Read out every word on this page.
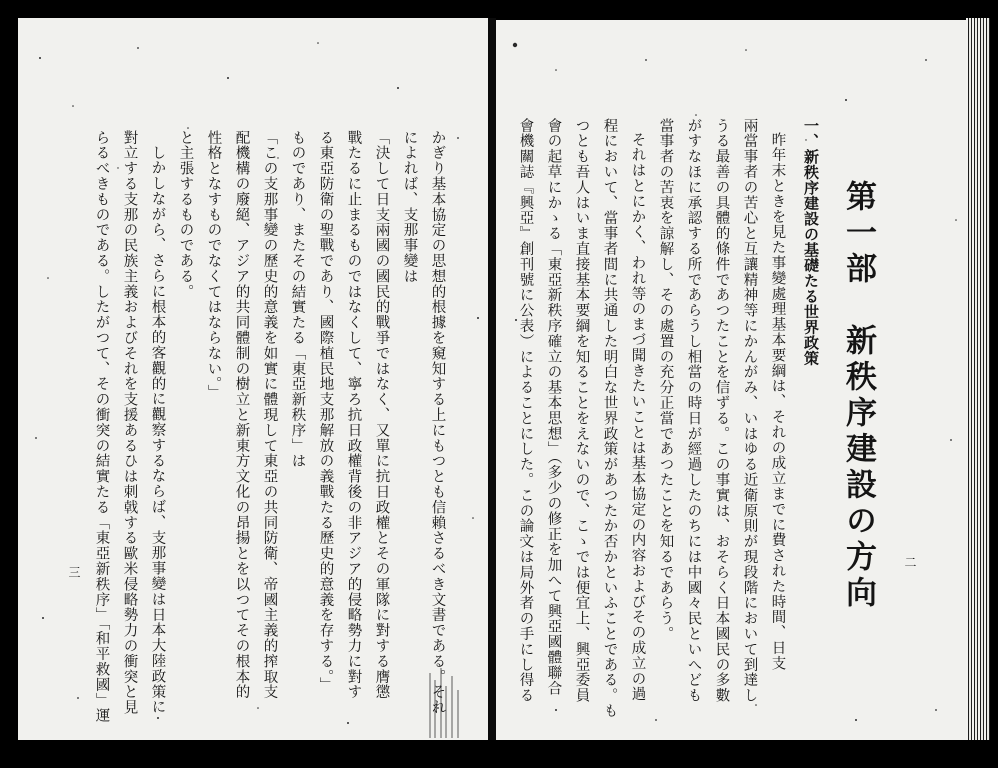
かぎり基本協定の思想的根據を窺知する上にもつとも信賴さるべき文書である。それ
によれば、支那事變は
「決して日支兩國の國民的戰爭ではなく、又單に抗日政權とその軍隊に對する膺懲
戰たるに止まるものではなくして、寧ろ抗日政權背後の非アジア的侵略勢力に對す
る東亞防衛の聖戰であり、國際植民地支那解放の義戰たる歷史的意義を存する。」
ものであり、またその結實たる「東亞新秩序」は
「この支那事變の歷史的意義を如實に體現して東亞の共同防衛、帝國主義的搾取支
配機構の廢絕、アジア的共同體制の樹立と新東方文化の昂揚とを以つてその根本的
性格となすものでなくてはならない。」
と主張するものである。
しかしながら、さらに根本的客觀的に觀察するならば、支那事變は日本大陸政策に
對立する支那の民族主義およびそれを支援あるひは刺戟する歐米侵略勢力の衝突と見
らるべきものである。したがつて、その衝突の結實たる「東亞新秩序」「和平救國」運
三	第一部　新秩序建設の方向
一、新秩序建設の基礎たる世界政策
昨年末ときを見た事變處理基本要綱は、それの成立までに費された時間、日支
兩當事者の苦心と互讓精神等にかんがみ、いはゆる近衛原則が現段階において到達し
うる最善の具體的條件であつたことを信ずる。この事實は、おそらく日本國民の多數
がすなほに承認する所であらうし相當の時日が經過したのちには中國々民といへども
當事者の苦衷を諒解し、その處置の充分正當であつたことを知るであらう。
それはとにかく、われ等のまづ聞きたいことは基本協定の内容およびその成立の過
程において、當事者間に共通した明白な世界政策があつたか否かといふことである。も
つとも吾人はいま直接基本要綱を知ることをえないので、こゝでは便宜上、興亞委員
會の起草にかゝる「東亞新秩序確立の基本思想」（多少の修正を加へて興亞國體聯合
會機關誌『興亞』創刊號に公表）によることにした。この論文は局外者の手にし得る	二
